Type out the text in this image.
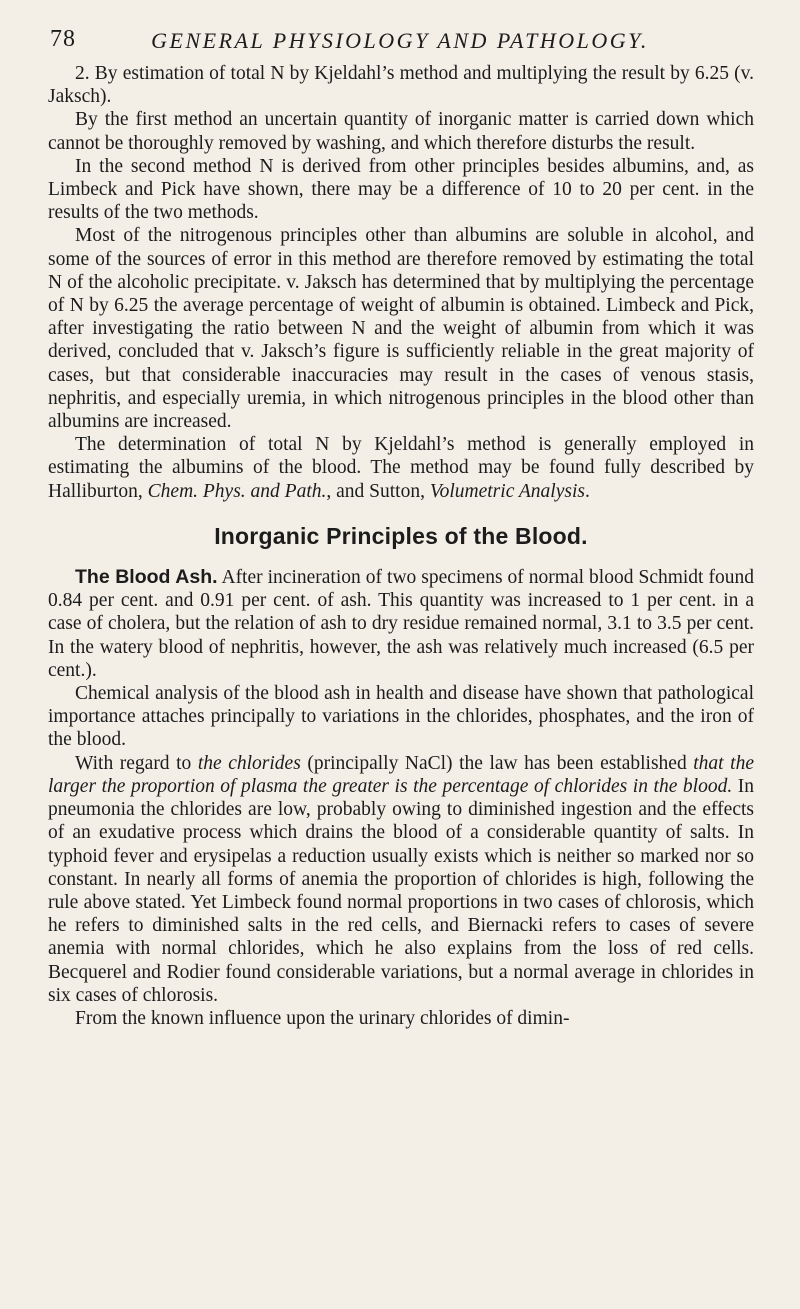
78	GENERAL PHYSIOLOGY AND PATHOLOGY.

2. By estimation of total N by Kjeldahl’s method and multiplying the result by 6.25 (v. Jaksch).

By the first method an uncertain quantity of inorganic matter is carried down which cannot be thoroughly removed by washing, and which therefore disturbs the result.

In the second method N is derived from other principles besides albumins, and, as Limbeck and Pick have shown, there may be a difference of 10 to 20 per cent. in the results of the two methods.

Most of the nitrogenous principles other than albumins are soluble in alcohol, and some of the sources of error in this method are therefore removed by estimating the total N of the alcoholic precipitate. v. Jaksch has determined that by multiplying the percentage of N by 6.25 the average percentage of weight of albumin is obtained. Limbeck and Pick, after investigating the ratio between N and the weight of albumin from which it was derived, concluded that v. Jaksch’s figure is sufficiently reliable in the great majority of cases, but that considerable inaccuracies may result in the cases of venous stasis, nephritis, and especially uremia, in which nitrogenous principles in the blood other than albumins are increased.

The determination of total N by Kjeldahl’s method is generally employed in estimating the albumins of the blood. The method may be found fully described by Halliburton, Chem. Phys. and Path., and Sutton, Volumetric Analysis.

Inorganic Principles of the Blood.

The Blood Ash. After incineration of two specimens of normal blood Schmidt found 0.84 per cent. and 0.91 per cent. of ash. This quantity was increased to 1 per cent. in a case of cholera, but the relation of ash to dry residue remained normal, 3.1 to 3.5 per cent. In the watery blood of nephritis, however, the ash was relatively much increased (6.5 per cent.).

Chemical analysis of the blood ash in health and disease have shown that pathological importance attaches principally to variations in the chlorides, phosphates, and the iron of the blood.

With regard to the chlorides (principally NaCl) the law has been established that the larger the proportion of plasma the greater is the percentage of chlorides in the blood. In pneumonia the chlorides are low, probably owing to diminished ingestion and the effects of an exudative process which drains the blood of a considerable quantity of salts. In typhoid fever and erysipelas a reduction usually exists which is neither so marked nor so constant. In nearly all forms of anemia the proportion of chlorides is high, following the rule above stated. Yet Limbeck found normal proportions in two cases of chlorosis, which he refers to diminished salts in the red cells, and Biernacki refers to cases of severe anemia with normal chlorides, which he also explains from the loss of red cells. Becquerel and Rodier found considerable variations, but a normal average in chlorides in six cases of chlorosis.

From the known influence upon the urinary chlorides of dimin-
